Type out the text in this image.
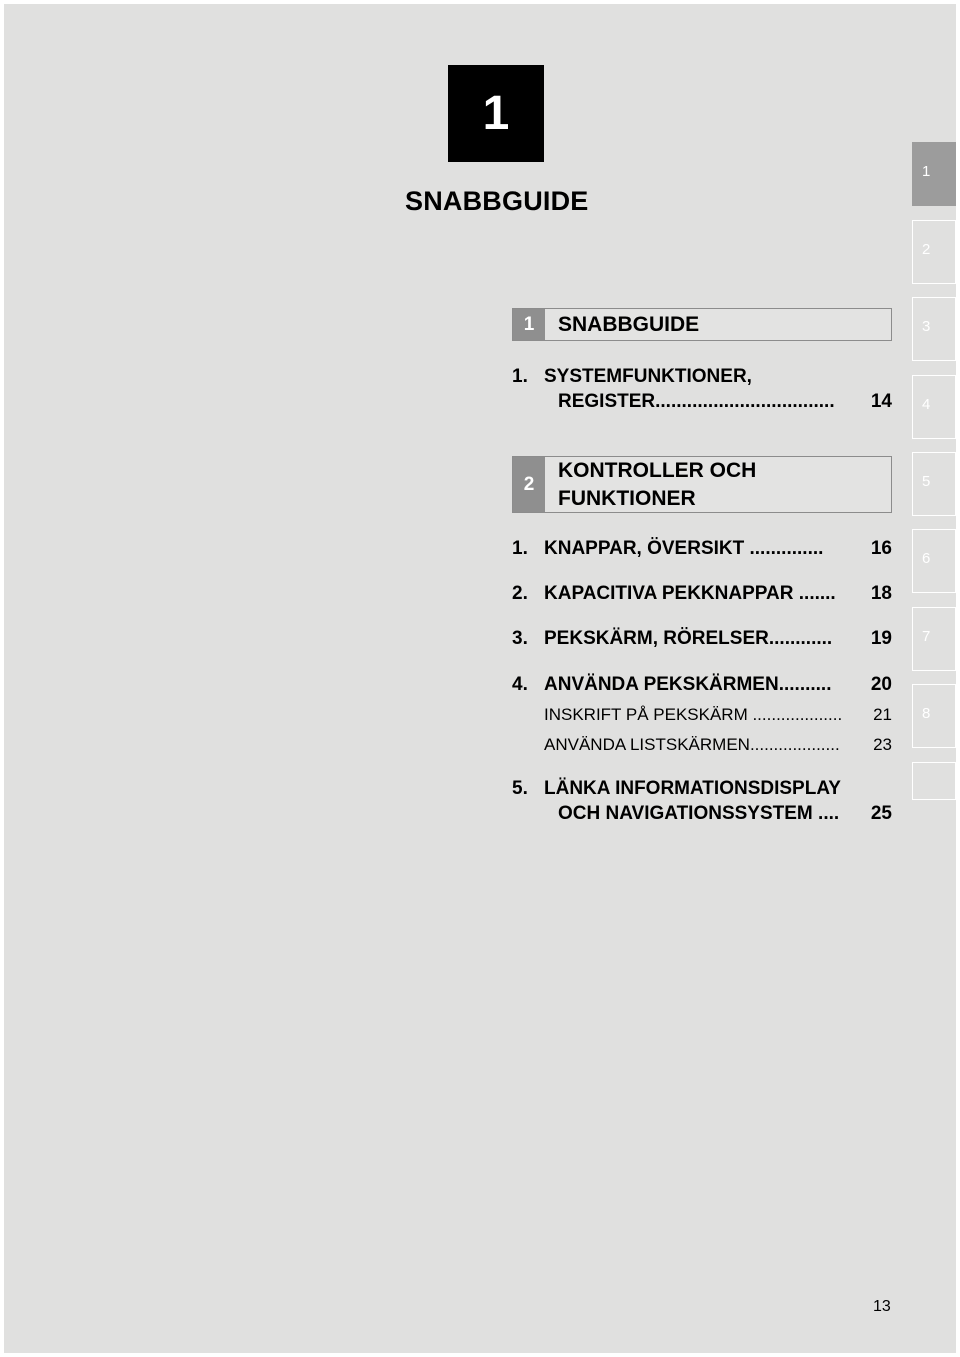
1
SNABBGUIDE
1	SNABBGUIDE
1. SYSTEMFUNKTIONER,
REGISTER.................................. 14
2
KONTROLLER OCH
FUNKTIONER
1. KNAPPAR, ÖVERSIKT .............. 16
2. KAPACITIVA PEKKNAPPAR ....... 18
3. PEKSKÄRM, RÖRELSER............ 19
4. ANVÄNDA PEKSKÄRMEN.......... 20
INSKRIFT PÅ PEKSKÄRM ................... 21
ANVÄNDA LISTSKÄRMEN................... 23
5. LÄNKA INFORMATIONSDISPLAY
OCH NAVIGATIONSSYSTEM .... 25
1
2
3
4
5
6
7
8
13
